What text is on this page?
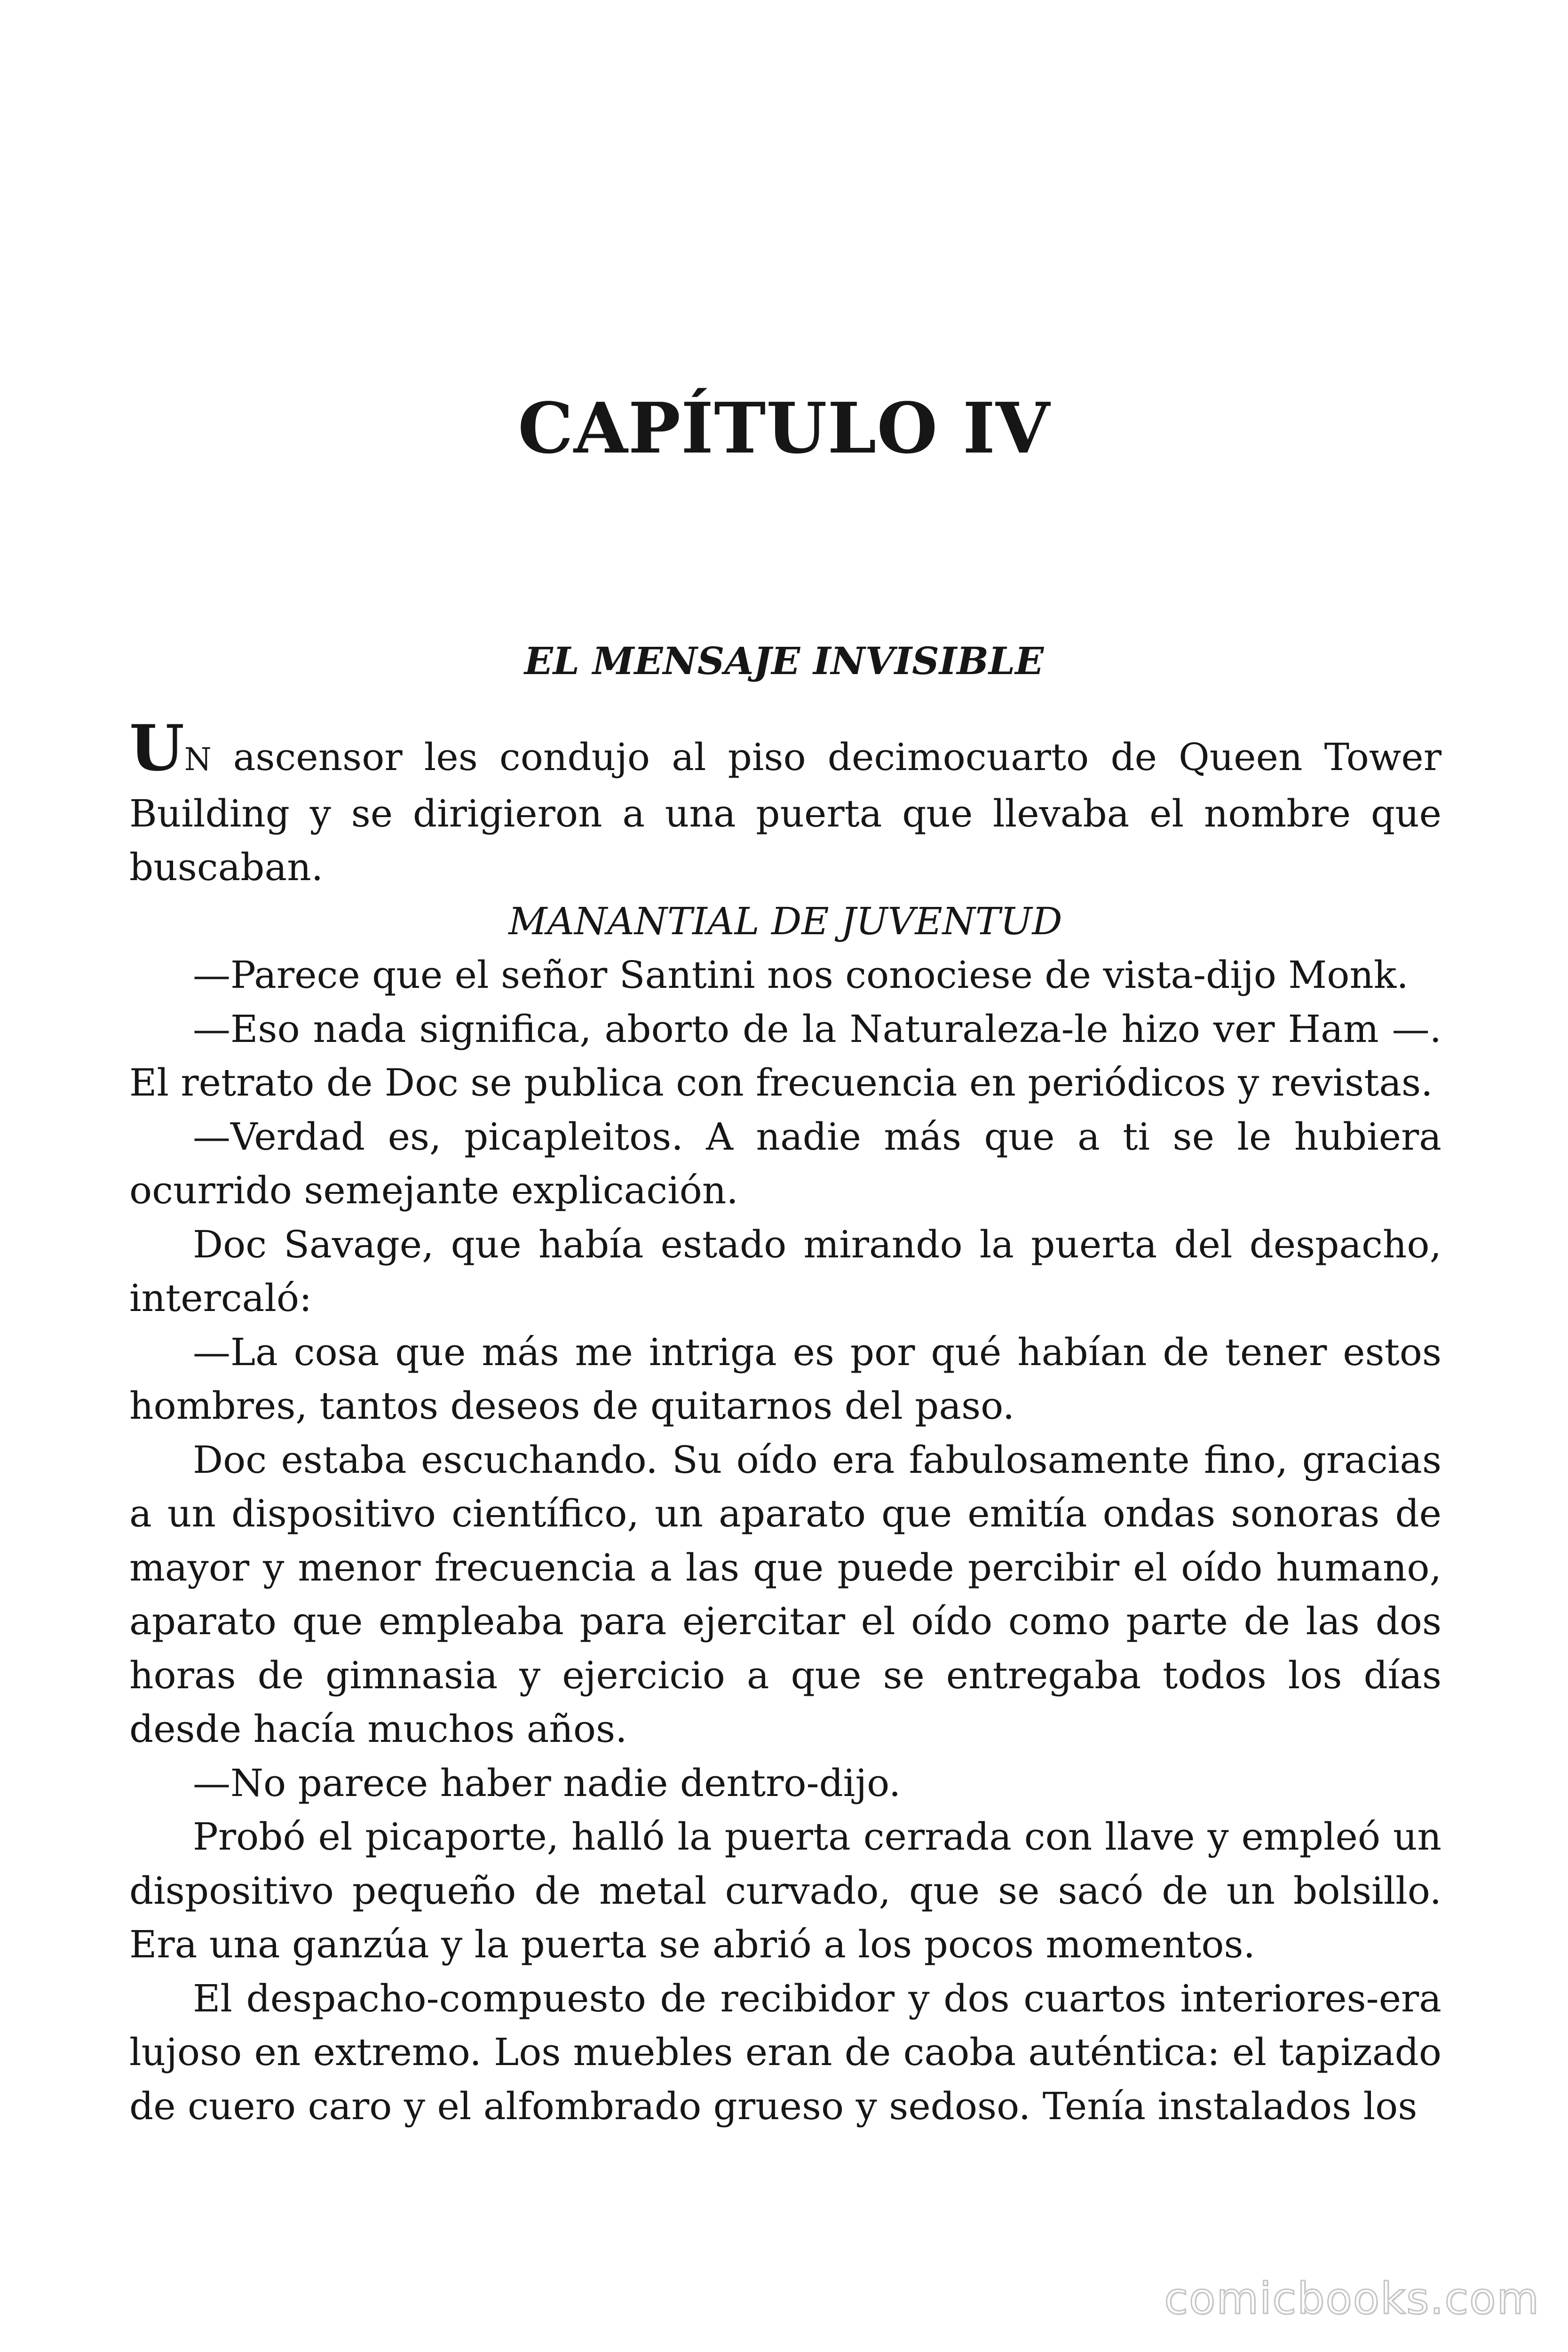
CAPÍTULO IV
EL MENSAJE INVISIBLE

UN ascensor les condujo al piso decimocuarto de Queen Tower Building y se dirigieron a una puerta que llevaba el nombre que buscaban.

MANANTIAL DE JUVENTUD

—Parece que el señor Santini nos conociese de vista-dijo Monk.

—Eso nada significa, aborto de la Naturaleza-le hizo ver Ham —. El retrato de Doc se publica con frecuencia en periódicos y revistas.

—Verdad es, picapleitos. A nadie más que a ti se le hubiera ocurrido semejante explicación.

Doc Savage, que había estado mirando la puerta del despacho, intercaló:

—La cosa que más me intriga es por qué habían de tener estos hombres, tantos deseos de quitarnos del paso.

Doc estaba escuchando. Su oído era fabulosamente fino, gracias a un dispositivo científico, un aparato que emitía ondas sonoras de mayor y menor frecuencia a las que puede percibir el oído humano, aparato que empleaba para ejercitar el oído como parte de las dos horas de gimnasia y ejercicio a que se entregaba todos los días desde hacía muchos años.

—No parece haber nadie dentro-dijo.

Probó el picaporte, halló la puerta cerrada con llave y empleó un dispositivo pequeño de metal curvado, que se sacó de un bolsillo. Era una ganzúa y la puerta se abrió a los pocos momentos.

El despacho-compuesto de recibidor y dos cuartos interiores-era lujoso en extremo. Los muebles eran de caoba auténtica: el tapizado de cuero caro y el alfombrado grueso y sedoso. Tenía instalados los

comicbooks.com
